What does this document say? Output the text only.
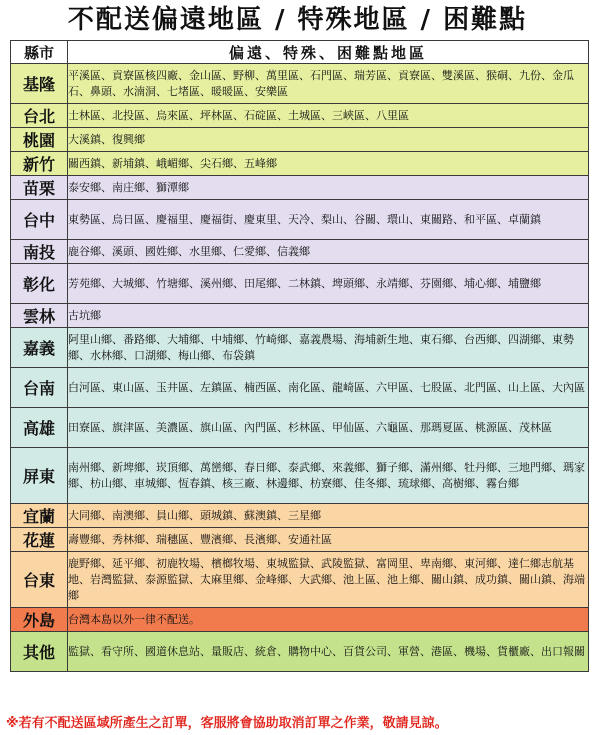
不配送偏遠地區 / 特殊地區 / 困難點
縣市	偏遠、特殊、困難點地區
基隆	平溪區、貢寮區核四廠、金山區、野柳、萬里區、石門區、瑞芳區、貢寮區、雙溪區、猴硐、九份、金瓜石、鼻頭、水湳洞、七堵區、暖暖區、安樂區
台北	士林區、北投區、烏來區、坪林區、石碇區、土城區、三峽區、八里區
桃園	大溪鎮、復興鄉
新竹	關西鎮、新埔鎮、峨嵋鄉、尖石鄉、五峰鄉
苗栗	泰安鄉、南庄鄉、獅潭鄉
台中	東勢區、烏日區、慶福里、慶福街、慶東里、天冷、梨山、谷關、環山、東關路、和平區、卓蘭鎮
南投	鹿谷鄉、溪頭、國姓鄉、水里鄉、仁愛鄉、信義鄉
彰化	芳苑鄉、大城鄉、竹塘鄉、溪州鄉、田尾鄉、二林鎮、埤頭鄉、永靖鄉、芬園鄉、埔心鄉、埔鹽鄉
雲林	古坑鄉
嘉義	阿里山鄉、番路鄉、大埔鄉、中埔鄉、竹崎鄉、嘉義農場、海埔新生地、東石鄉、台西鄉、四湖鄉、東勢鄉、水林鄉、口湖鄉、梅山鄉、布袋鎮
台南	白河區、東山區、玉井區、左鎮區、楠西區、南化區、龍崎區、六甲區、七股區、北門區、山上區、大內區
高雄	田寮區、旗津區、美濃區、旗山區、內門區、杉林區、甲仙區、六龜區、那瑪夏區、桃源區、茂林區
屏東	南州鄉、新埤鄉、崁頂鄉、萬巒鄉、春日鄉、泰武鄉、來義鄉、獅子鄉、滿州鄉、牡丹鄉、三地門鄉、瑪家鄉、枋山鄉、車城鄉、恆春鎮、核三廠、林邊鄉、枋寮鄉、佳冬鄉、琉球鄉、高樹鄉、霧台鄉
宜蘭	大同鄉、南澳鄉、員山鄉、頭城鎮、蘇澳鎮、三星鄉
花蓮	壽豐鄉、秀林鄉、瑞穗區、豐濱鄉、長濱鄉、安通社區
台東	鹿野鄉、延平鄉、初鹿牧場、檳榔牧場、東城監獄、武陵監獄、富岡里、卑南鄉、東河鄉、達仁鄉志航基地、岩灣監獄、泰源監獄、太麻里鄉、金峰鄉、大武鄉、池上區、池上鄉、關山鎮、成功鎮、關山鎮、海端鄉
外島	台灣本島以外一律不配送。
其他	監獄、看守所、國道休息站、量販店、統倉、購物中心、百貨公司、軍營、港區、機場、貨櫃廠、出口報關
※若有不配送區域所產生之訂單，客服將會協助取消訂單之作業，敬請見諒。
